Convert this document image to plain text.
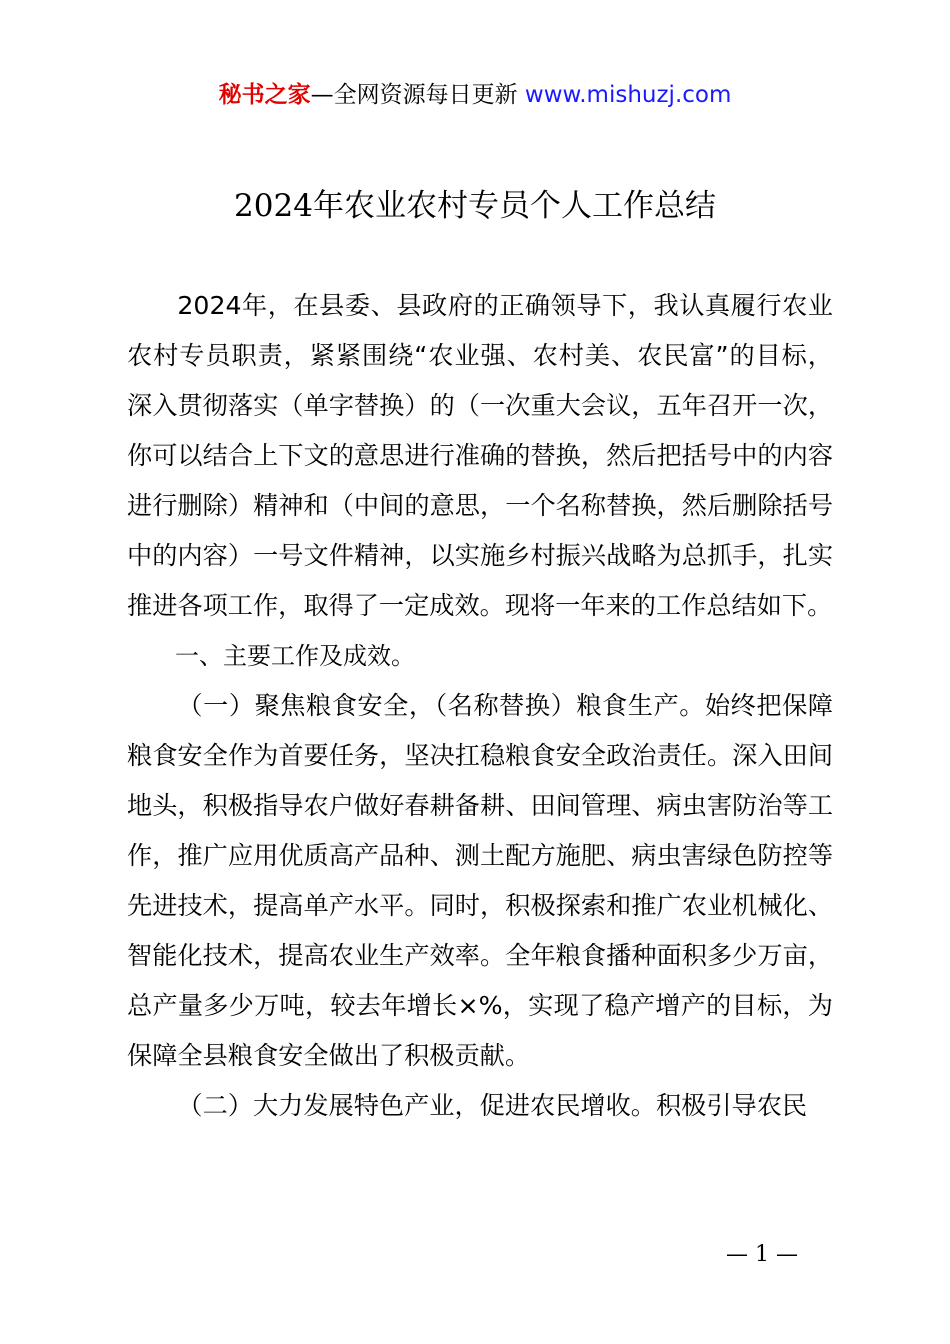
秘书之家—全网资源每日更新 www.mishuzj.com
2024年农业农村专员个人工作总结

2024年，在县委、县政府的正确领导下，我认真履行农业农村专员职责，紧紧围绕“农业强、农村美、农民富”的目标，深入贯彻落实（单字替换）的（一次重大会议，五年召开一次，你可以结合上下文的意思进行准确的替换，然后把括号中的内容进行删除）精神和（中间的意思，一个名称替换，然后删除括号中的内容）一号文件精神，以实施乡村振兴战略为总抓手，扎实推进各项工作，取得了一定成效。现将一年来的工作总结如下。

一、主要工作及成效。

（一）聚焦粮食安全，（名称替换）粮食生产。始终把保障粮食安全作为首要任务，坚决扛稳粮食安全政治责任。深入田间地头，积极指导农户做好春耕备耕、田间管理、病虫害防治等工作，推广应用优质高产品种、测土配方施肥、病虫害绿色防控等先进技术，提高单产水平。同时，积极探索和推广农业机械化、智能化技术，提高农业生产效率。全年粮食播种面积多少万亩，总产量多少万吨，较去年增长×%，实现了稳产增产的目标，为保障全县粮食安全做出了积极贡献。

（二）大力发展特色产业，促进农民增收。积极引导农民

— 1 —
